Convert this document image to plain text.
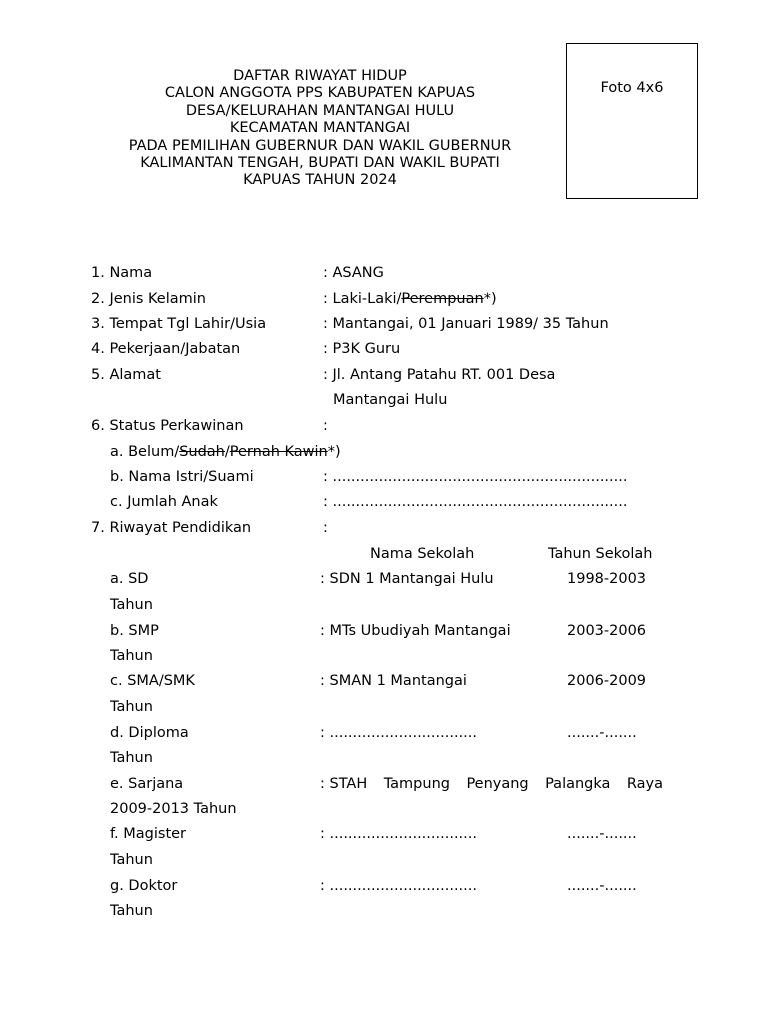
DAFTAR RIWAYAT HIDUP
CALON ANGGOTA PPS KABUPATEN KAPUAS
DESA/KELURAHAN MANTANGAI HULU
KECAMATAN MANTANGAI
PADA PEMILIHAN GUBERNUR DAN WAKIL GUBERNUR
KALIMANTAN TENGAH, BUPATI DAN WAKIL BUPATI
KAPUAS TAHUN 2024
Foto 4x6
1. Nama	: ASANG
2. Jenis Kelamin	: Laki-Laki/Perempuan*)
3. Tempat Tgl Lahir/Usia	: Mantangai, 01 Januari 1989/ 35 Tahun
4. Pekerjaan/Jabatan	: P3K Guru
5. Alamat	: Jl. Antang Patahu RT. 001 Desa
Mantangai Hulu
6. Status Perkawinan	:
a. Belum/Sudah/Pernah Kawin*)
b. Nama Istri/Suami	: ................................................................
c. Jumlah Anak	: ................................................................
7. Riwayat Pendidikan	:
Nama Sekolah	Tahun Sekolah
a. SD	: SDN 1 Mantangai Hulu	1998-2003
Tahun
b. SMP	: MTs Ubudiyah Mantangai	2003-2006
Tahun
c. SMA/SMK	: SMAN 1 Mantangai	2006-2009
Tahun
d. Diploma	: ................................	.......-.......
Tahun
e. Sarjana	: STAH Tampung Penyang Palangka Raya
2009-2013 Tahun
f. Magister	: ................................	.......-.......
Tahun
g. Doktor	: ................................	.......-.......
Tahun
